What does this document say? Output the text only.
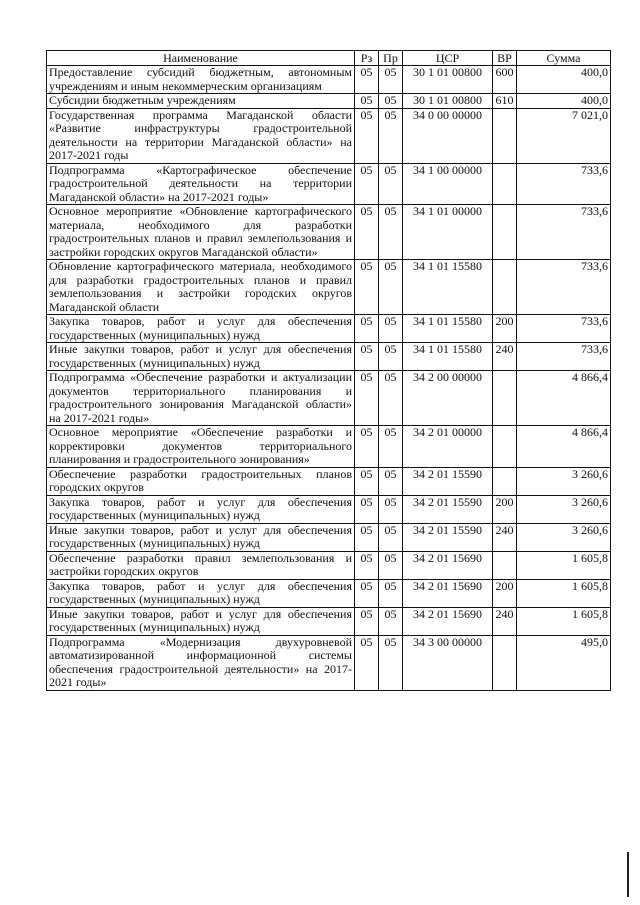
Наименование	Рз	Пр	ЦСР	ВР	Сумма

Предоставление субсидий бюджетным, автономным учреждениям и иным некоммерческим организациям	05	05	30 1 01 00800	600	400,0

Субсидии бюджетным учреждениям	05	05	30 1 01 00800	610	400,0

Государственная программа Магаданской области «Развитие инфраструктуры градостроительной деятельности на территории Магаданской области» на 2017-2021 годы	05	05	34 0 00 00000		7 021,0

Подпрограмма «Картографическое обеспечение градостроительной деятельности на территории Магаданской области» на 2017-2021 годы»	05	05	34 1 00 00000		733,6

Основное мероприятие «Обновление картографического материала, необходимого для разработки градостроительных планов и правил землепользования и застройки городских округов Магаданской области»	05	05	34 1 01 00000		733,6

Обновление картографического материала, необходимого для разработки градостроительных планов и правил землепользования и застройки городских округов Магаданской области	05	05	34 1 01 15580		733,6

Закупка товаров, работ и услуг для обеспечения государственных (муниципальных) нужд	05	05	34 1 01 15580	200	733,6

Иные закупки товаров, работ и услуг для обеспечения государственных (муниципальных) нужд	05	05	34 1 01 15580	240	733,6

Подпрограмма «Обеспечение разработки и актуализации документов территориального планирования и градостроительного зонирования Магаданской области» на 2017-2021 годы»	05	05	34 2 00 00000		4 866,4

Основное мероприятие «Обеспечение разработки и корректировки документов территориального планирования и градостроительного зонирования»	05	05	34 2 01 00000		4 866,4

Обеспечение разработки градостроительных планов городских округов	05	05	34 2 01 15590		3 260,6

Закупка товаров, работ и услуг для обеспечения государственных (муниципальных) нужд	05	05	34 2 01 15590	200	3 260,6

Иные закупки товаров, работ и услуг для обеспечения государственных (муниципальных) нужд	05	05	34 2 01 15590	240	3 260,6

Обеспечение разработки правил землепользования и застройки городских округов	05	05	34 2 01 15690		1 605,8

Закупка товаров, работ и услуг для обеспечения государственных (муниципальных) нужд	05	05	34 2 01 15690	200	1 605,8

Иные закупки товаров, работ и услуг для обеспечения государственных (муниципальных) нужд	05	05	34 2 01 15690	240	1 605,8

Подпрограмма «Модернизация двухуровневой автоматизированной информационной системы обеспечения градостроительной деятельности» на 2017-2021 годы»	05	05	34 3 00 00000		495,0
